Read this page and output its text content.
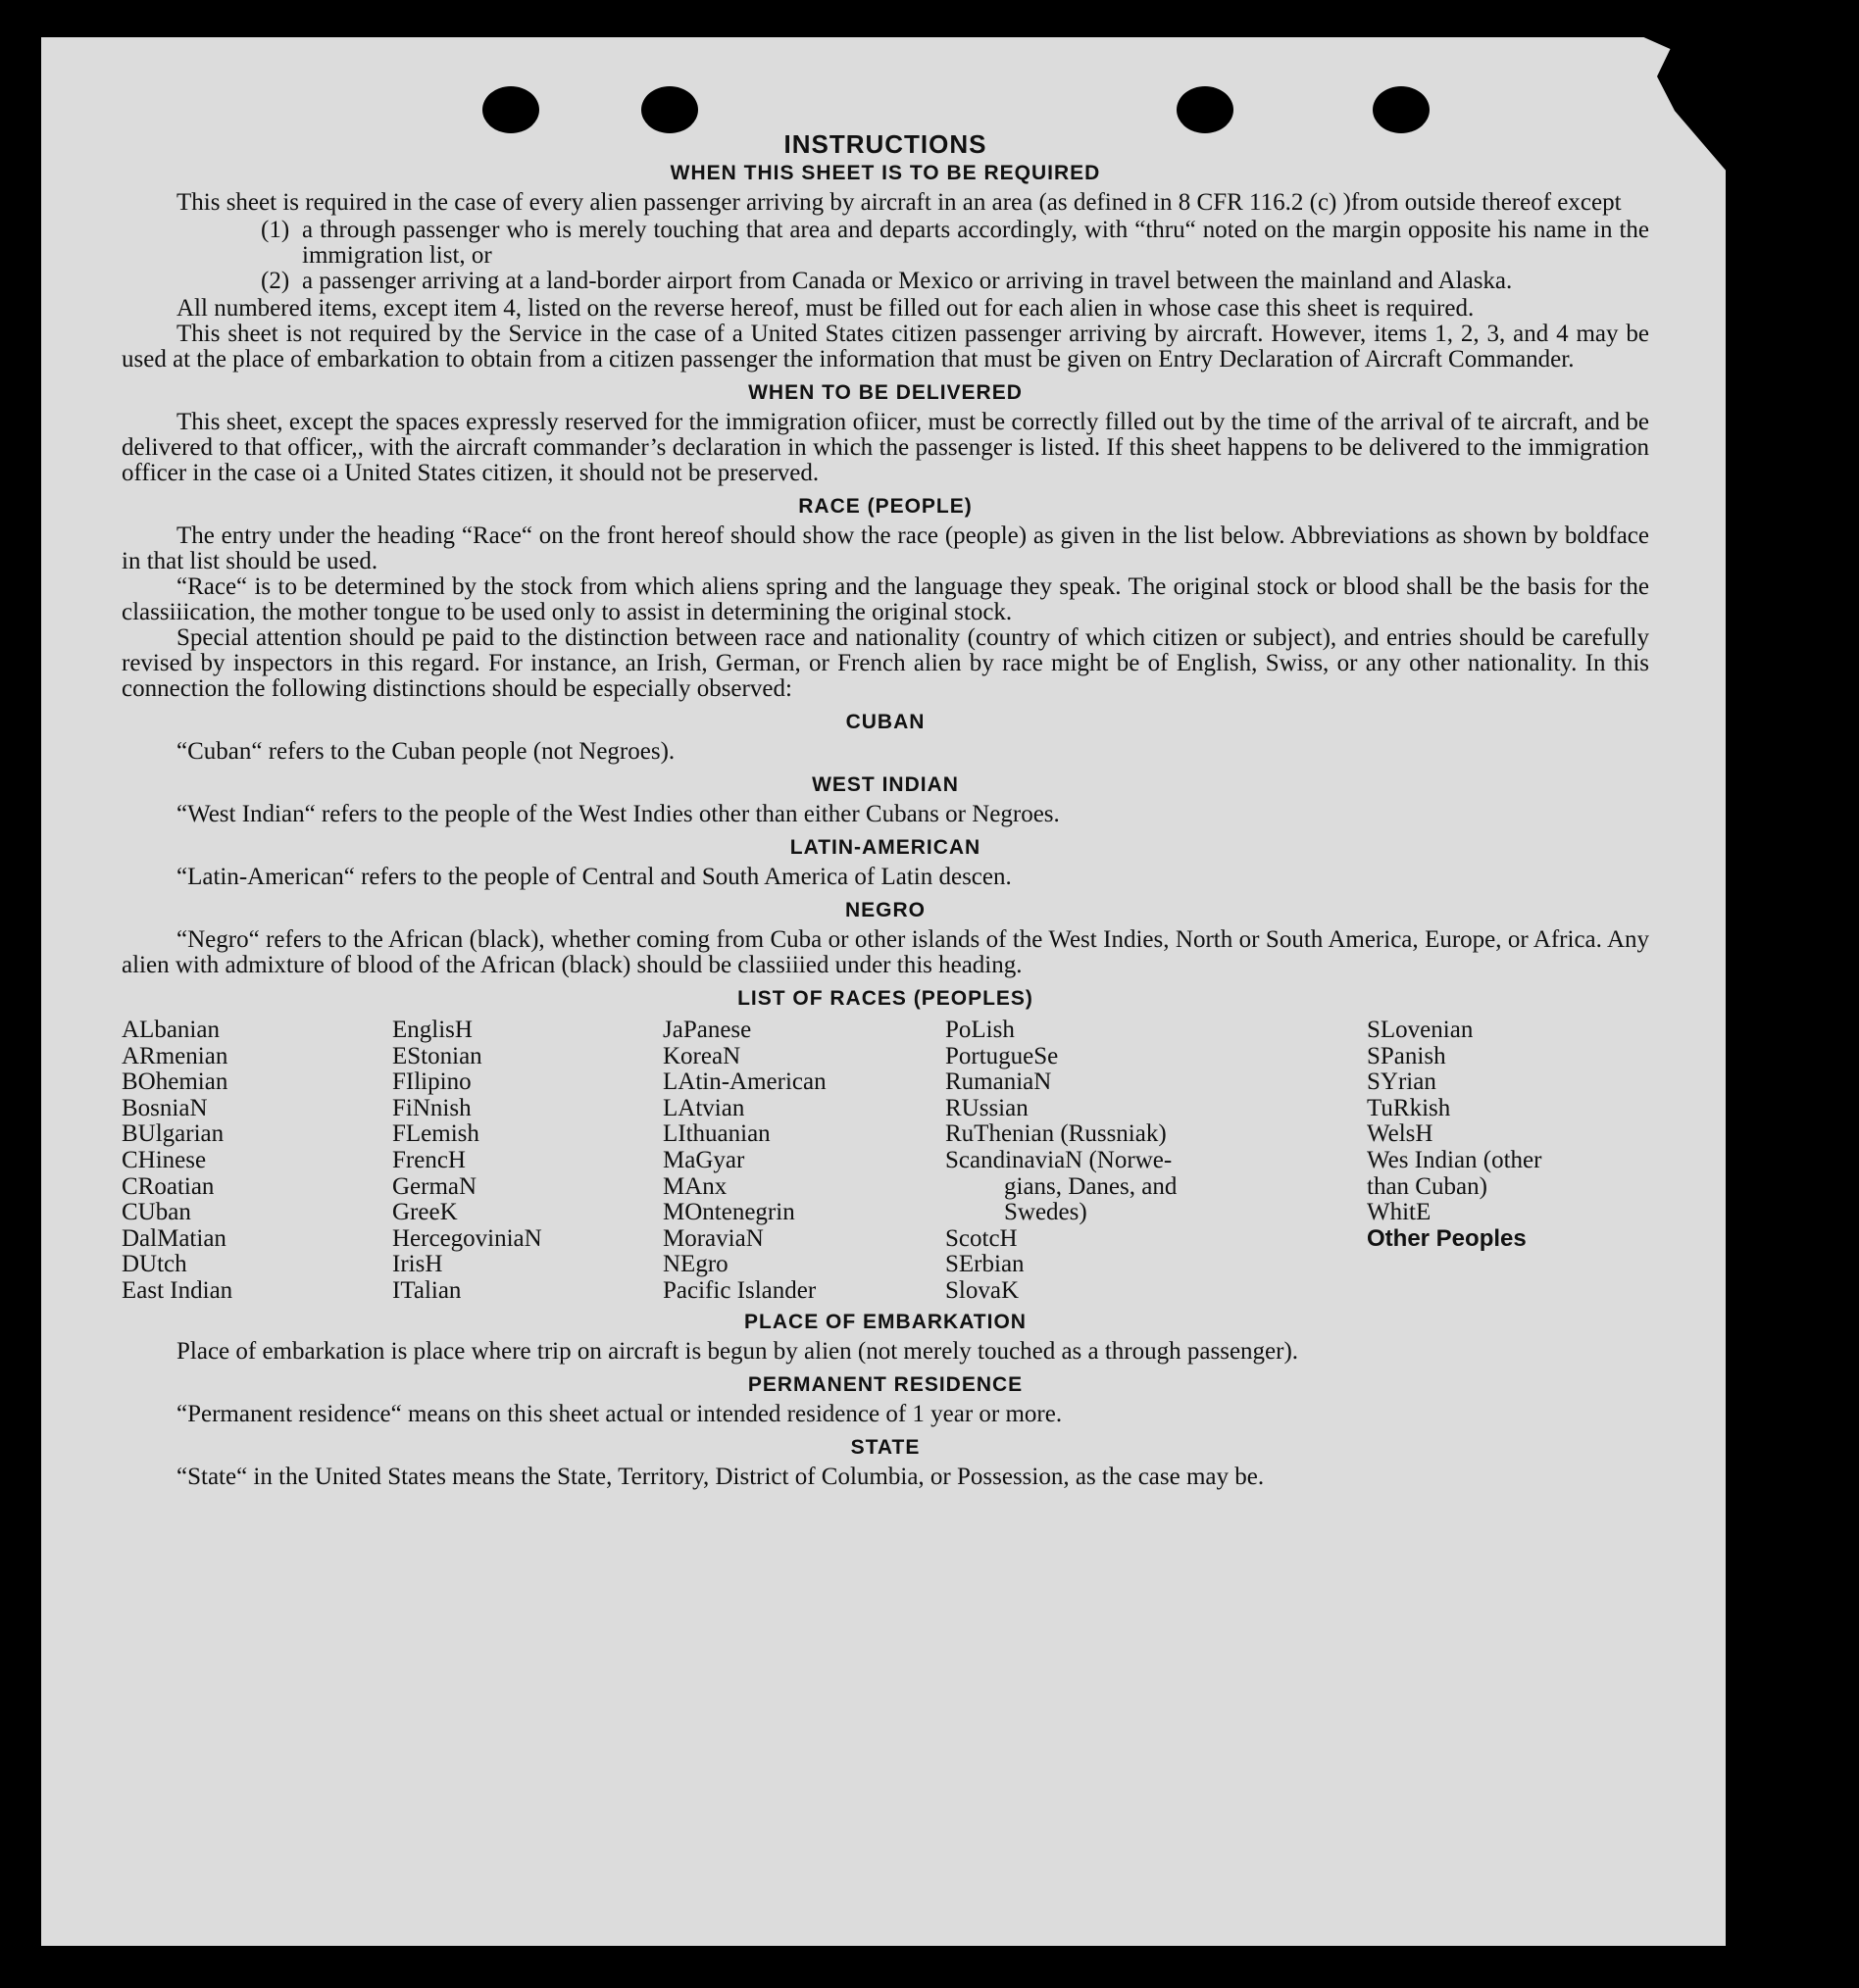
INSTRUCTIONS
WHEN THIS SHEET IS TO BE REQUIRED

This sheet is required in the case of every alien passenger arriving by aircraft in an area (as defined in 8 CFR 116.2 (c) )from outside thereof except

(1) a through passenger who is merely touching that area and departs accordingly, with “thru“ noted on the margin opposite his name in the immigration list, or
(2) a passenger arriving at a land-border airport from Canada or Mexico or arriving in travel between the mainland and Alaska.

All numbered items, except item 4, listed on the reverse hereof, must be filled out for each alien in whose case this sheet is required.

This sheet is not required by the Service in the case of a United States citizen passenger arriving by aircraft. However, items 1, 2, 3, and 4 may be used at the place of embarkation to obtain from a citizen passenger the information that must be given on Entry Declaration of Aircraft Commander.

WHEN TO BE DELIVERED

This sheet, except the spaces expressly reserved for the immigration ofiicer, must be correctly filled out by the time of the arrival of te aircraft, and be delivered to that officer,, with the aircraft commander’s declaration in which the passenger is listed. If this sheet happens to be delivered to the immigration officer in the case oi a United States citizen, it should not be preserved.

RACE (PEOPLE)

The entry under the heading “Race“ on the front hereof should show the race (people) as given in the list below. Abbreviations as shown by boldface in that list should be used.

“Race“ is to be determined by the stock from which aliens spring and the language they speak. The original stock or blood shall be the basis for the classiiication, the mother tongue to be used only to assist in determining the original stock.

Special attention should pe paid to the distinction between race and nationality (country of which citizen or subject), and entries should be carefully revised by inspectors in this regard. For instance, an Irish, German, or French alien by race might be of English, Swiss, or any other nationality. In this connection the following distinctions should be especially observed:

CUBAN

“Cuban“ refers to the Cuban people (not Negroes).

WEST INDIAN

“West Indian“ refers to the people of the West Indies other than either Cubans or Negroes.

LATIN-AMERICAN

“Latin-American“ refers to the people of Central and South America of Latin descen.

NEGRO

“Negro“ refers to the African (black), whether coming from Cuba or other islands of the West Indies, North or South America, Europe, or Africa. Any alien with admixture of blood of the African (black) should be classiiied under this heading.

LIST OF RACES (PEOPLES)
ALbanian
ARmenian
BOhemian
BosniaN
BUlgarian
CHinese
CRoatian
CUban
DalMatian
DUtch
East Indian
EnglisH
EStonian
FIlipino
FiNnish
FLemish
FrencH
GermaN
GreeK
HercegovinіaN
IrisH
ITalian
JaPanese
KoreaN
LAtin-American
LAtvian
LIthuanian
MaGyar
MAnx
MOntenegrin
MoraviaN
NEgro
Pacific Islander
PoLish
PortugueSe
RumaniaN
RUssian
RuThenian (Russniak)
ScandinaviaN (Norwe-
gians, Danes, and
Swedes)
ScotcH
SErbian
SlovaK
SLovenian
SPanish
SYrian
TuRkish
WelsH
Wes Indian (other
than Cuban)
WhitE
Other Peoples
PLACE OF EMBARKATION

Place of embarkation is place where trip on aircraft is begun by alien (not merely touched as a through passenger).

PERMANENT RESIDENCE

“Permanent residence“ means on this sheet actual or intended residence of 1 year or more.

STATE

“State“ in the United States means the State, Territory, District of Columbia, or Possession, as the case may be.
